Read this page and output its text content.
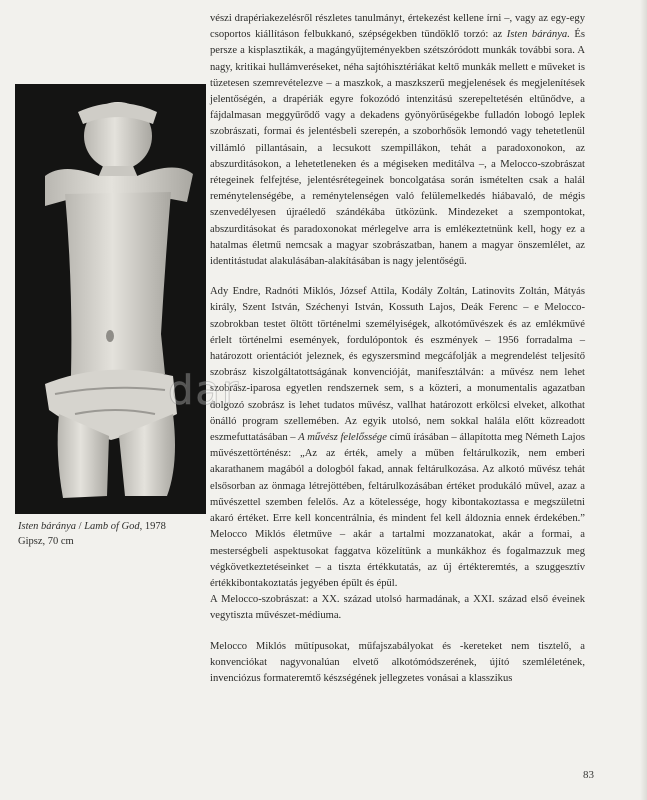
Isten báránya / Lamb of God, 1978
Gipsz, 70 cm

vészi drapériakezelésről részletes tanulmányt, értekezést kellene írni –, vagy az egy-egy csoportos kiállításon felbukkanó, szépségekben tündöklő torzó: az Isten báránya. És persze a kisplasztikák, a magángyűjteményekben szétszóródott munkák további sora. A nagy, kritikai hullámveréseket, néha sajtóhisztériákat keltő munkák mellett e műveket is tüzetesen szemrevételezve – a maszkok, a maszkszerű megjelenések és megjelenítések jelentőségén, a drapériák egyre fokozódó intenzitású szerepeltetésén eltűnődve, a fájdalmasan meggyűrődő vagy a dekadens gyönyörűségekbe fulladón lobogó leplek szobrászati, formai és jelentésbeli szerepén, a szoborhősök lemondó vagy tehetetlenül villámló pillantásain, a lecsukott szempillákon, tehát a paradoxonokon, az abszurditásokon, a lehetetleneken és a mégiseken meditálva –, a Melocco-szobrászat rétegeinek felfejtése, jelentésrétegeinek boncolgatása során ismételten csak a halál reménytelenségébe, a reménytelenségen való felülemelkedés hiábavaló, de mégis szenvedélyesen újraéledő szándékába ütközünk. Mindezeket a szempontokat, abszurditásokat és paradoxonokat mérlegelve arra is emlékeztetnünk kell, hogy ez a hatalmas életmű nemcsak a magyar szobrászatban, hanem a magyar önszemlélet, az identitástudat alakulásában-alakításában is nagy jelentőségű.

Ady Endre, Radnóti Miklós, József Attila, Kodály Zoltán, Latinovits Zoltán, Mátyás király, Szent István, Széchenyi István, Kossuth Lajos, Deák Ferenc – e Melocco-szobrokban testet öltött történelmi személyiségek, alkotóművészek és az emlékművé érlelt történelmi események, fordulópontok és eszmények – 1956 forradalma – határozott orientációt jeleznek, és egyszersmind megcáfolják a megrendelést teljesítő szobrász kiszolgáltatottságának konvencióját, manifesztálván: a művész nem lehet szobrász-iparosa egyetlen rendszernek sem, s a közteri, a monumentalis agazatban dolgozó szobrász is lehet tudatos művész, vallhat határozott erkölcsi elveket, alkothat önálló program szellemében. Az egyik utolsó, nem sokkal halála előtt közreadott eszmefuttatásában – A művész felelőssége című írásában – állapította meg Németh Lajos művészettörténész: „Az az érték, amely a műben feltárulkozik, nem emberi akarathanem magából a dologból fakad, annak feltárulkozása. Az alkotó művész tehát elsősorban az önmaga létrejöttében, feltárulkozásában értéket produkáló művel, azaz a művészettel szemben felelős. Az a kötelessége, hogy kibontakoztassa e megszületni akaró értéket. Erre kell koncentrálnia, és mindent fel kell áldoznia ennek érdekében.” Melocco Miklós életműve – akár a tartalmi mozzanatokat, akár a formai, a mesterségbeli aspektusokat faggatva közelítünk a munkákhoz és fogalmazzuk meg végkövetkeztetéseinket – a tiszta értékkutatás, az új értékteremtés, a szuggesztív értékkibontakoztatás jegyében épült és épül.

A Melocco-szobrászat: a XX. század utolsó harmadának, a XXI. század első éveinek vegytiszta művészet-médiuma.

Melocco Miklós műtípusokat, műfajszabályokat és -kereteket nem tisztelő, a konvenciókat nagyvonalúan elvető alkotómódszerének, újító szemléletének, invenciózus formateremtő készségének jellegzetes vonásai a klasszikus

dar
83
